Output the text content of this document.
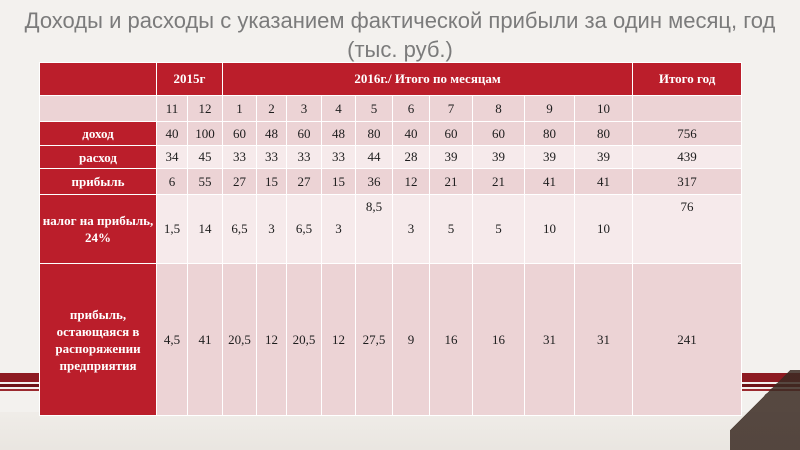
Доходы и расходы с указанием фактической прибыли за один месяц, год
(тыс. руб.)
	2015г		2016г./ Итого по месяцам										Итого год
	11	12	1	2	3	4	5	6	7	8	9	10	
доход	40	100	60	48	60	48	80	40	60	60	80	80	756
расход	34	45	33	33	33	33	44	28	39	39	39	39	439
прибыль	6	55	27	15	27	15	36	12	21	21	41	41	317
налог на прибыль, 24%	1,5	14	6,5	3	6,5	3	8,5	3	5	5	10	10	76
прибыль, остающаяся в распоряжении предприятия	4,5	41	20,5	12	20,5	12	27,5	9	16	16	31	31	241
